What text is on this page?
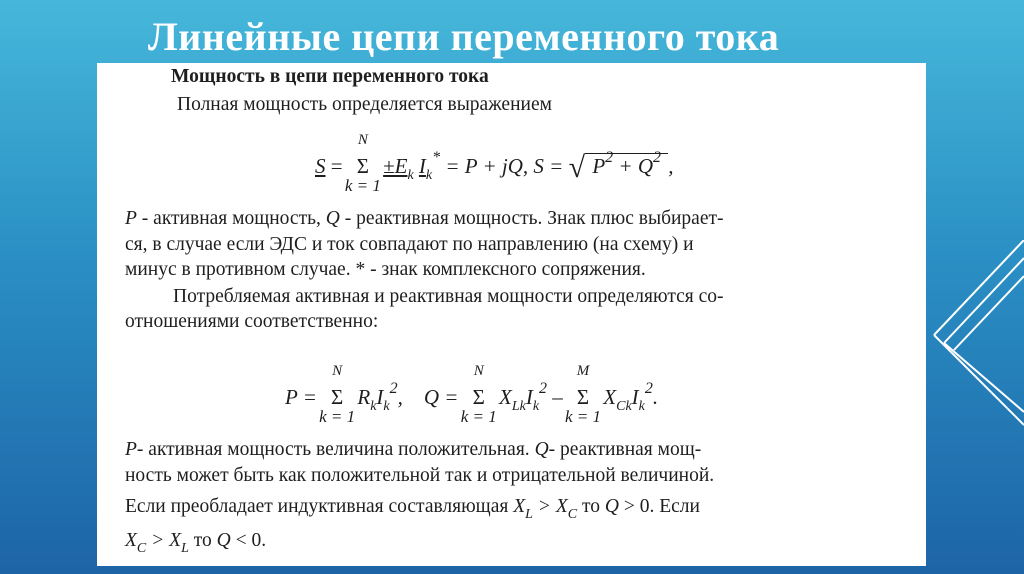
Линейные цепи переменного тока
Мощность в цепи переменного тока
Полная мощность определяется выражением
S =
N
Σ
k = 1
$\pm E_k$ $I_k^* = P$ + jQ, S = √ $P^2 + Q^2$ ,
P - активная мощность, Q - реактивная мощность. Знак плюс выбирает-
ся, в случае если ЭДС и ток совпадают по направлению (на схему) и
минус в противном случае. * - знак комплексного сопряжения.
Потребляемая активная и реактивная мощности определяются со-
отношениями соответственно:
P =
N
Σ
k = 1
$R_kI_k^2$, Q =
N
Σ
k = 1
$X_{Lk}I_k^2$ –
M
Σ
k = 1
$X_{Ck}I_k^2$.
P- активная мощность величина положительная. Q- реактивная мощ-
ность может быть как положительной так и отрицательной величиной.
Если преобладает индуктивная составляющая $X_L > X_C$ то Q > 0. Если
$X_C > X_L$ то Q < 0.
